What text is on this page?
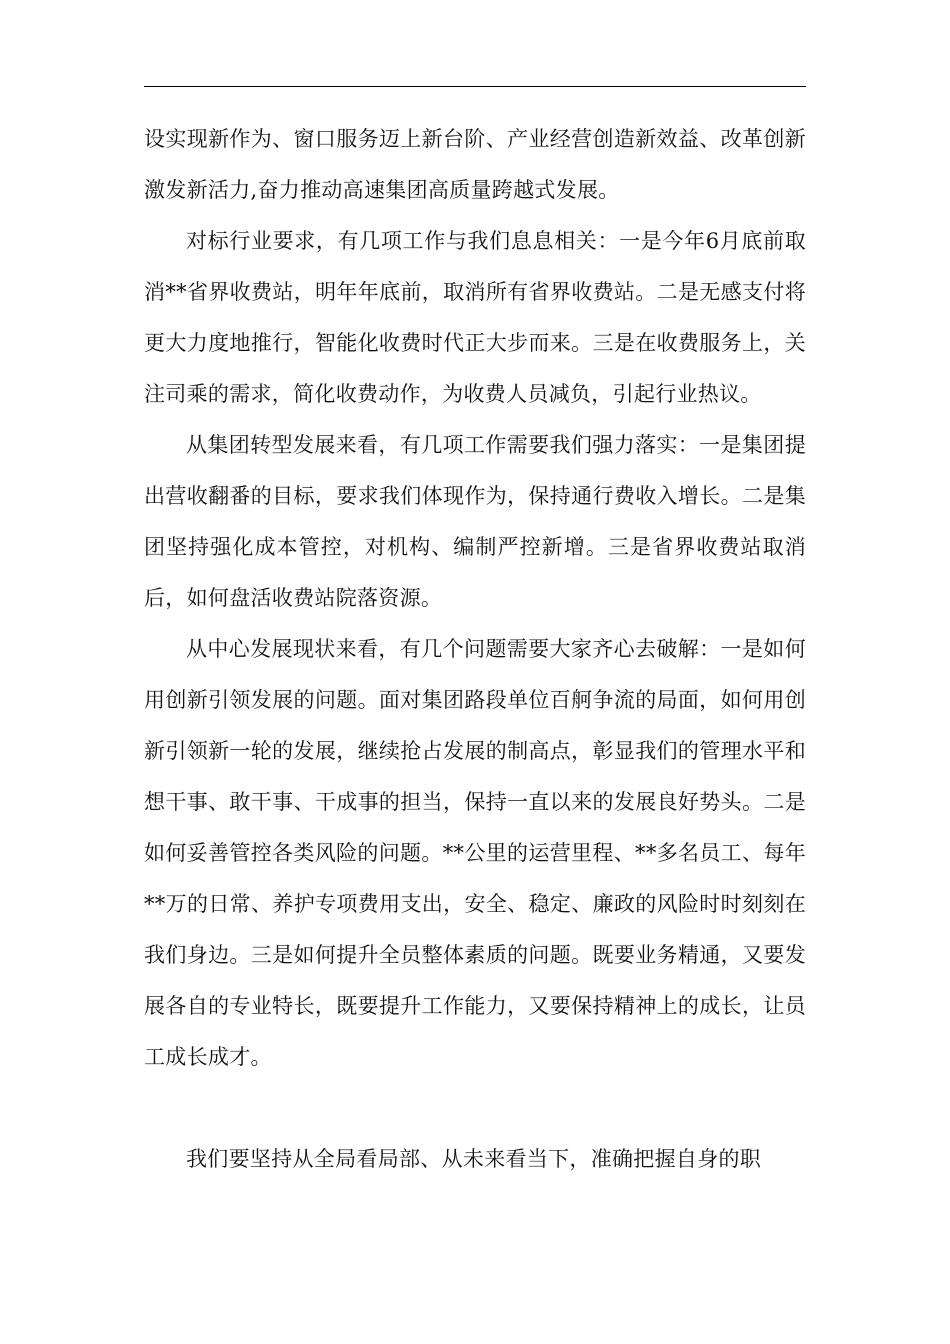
设实现新作为、窗口服务迈上新台阶、产业经营创造新效益、改革创新激发新活力,奋力推动高速集团高质量跨越式发展。

对标行业要求，有几项工作与我们息息相关：一是今年6月底前取消**省界收费站，明年年底前，取消所有省界收费站。二是无感支付将更大力度地推行，智能化收费时代正大步而来。三是在收费服务上，关注司乘的需求，简化收费动作，为收费人员减负，引起行业热议。

从集团转型发展来看，有几项工作需要我们强力落实：一是集团提出营收翻番的目标，要求我们体现作为，保持通行费收入增长。二是集团坚持强化成本管控，对机构、编制严控新增。三是省界收费站取消后，如何盘活收费站院落资源。

从中心发展现状来看，有几个问题需要大家齐心去破解：一是如何用创新引领发展的问题。面对集团路段单位百舸争流的局面，如何用创新引领新一轮的发展，继续抢占发展的制高点，彰显我们的管理水平和想干事、敢干事、干成事的担当，保持一直以来的发展良好势头。二是如何妥善管控各类风险的问题。**公里的运营里程、**多名员工、每年**万的日常、养护专项费用支出，安全、稳定、廉政的风险时时刻刻在我们身边。三是如何提升全员整体素质的问题。既要业务精通，又要发展各自的专业特长，既要提升工作能力，又要保持精神上的成长，让员工成长成才。

我们要坚持从全局看局部、从未来看当下，准确把握自身的职
